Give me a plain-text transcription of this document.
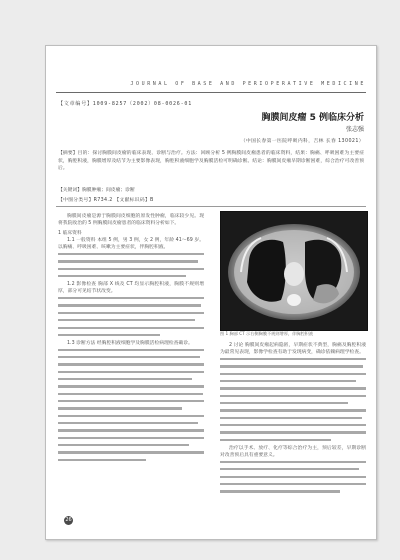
JOURNAL OF BASE AND PERIOPERATIVE MEDICINE
【文章编号】1009-8257（2002）08-0026-01
胸膜间皮瘤 5 例临床分析
张志强
（中国长春第一医院呼吸内科，吉林 长春 130021）
【摘要】目的：探讨胸膜间皮瘤的临床表现、诊断与治疗。方法：回顾分析 5 例胸膜间皮瘤患者的临床资料，结果：胸痛、呼吸困难为主要症状，胸腔积液，胸膜增厚及结节为主要影像表现，胸腔积液细胞学及胸膜活检可明确诊断。结论：胸膜间皮瘤早期诊断困难，综合治疗可改善预后。
【关键词】胸膜肿瘤；间皮瘤；诊断
【中图分类号】R734.2 【文献标识码】B
胸膜间皮瘤是源于胸膜间皮细胞的原发性肿瘤，临床较少见。现将我院收治的 5 例胸膜间皮瘤患者的临床资料分析如下。
1 临床资料
1.1 一般资料 本组 5 例，男 3 例，女 2 例，年龄 41～69 岁。以胸痛、呼吸困难、咳嗽为主要症状，伴胸腔积液。
1.2 影像检查 胸部 X 线及 CT 均显示胸腔积液，胸膜不规则增厚，部分可见结节状改变。
1.3 诊断方法 经胸腔积液细胞学及胸膜活检病理检查确诊。
图 1 胸部 CT 示右侧胸膜不规则增厚，伴胸腔积液
2 讨论 胸膜间皮瘤起病隐匿，早期症状不典型，胸痛及胸腔积液为最常见表现，影像学检查有助于发现病变，确诊依赖病理学检查。
治疗以手术、放疗、化疗等综合治疗为主，预后较差，早期诊断对改善预后具有重要意义。
26
